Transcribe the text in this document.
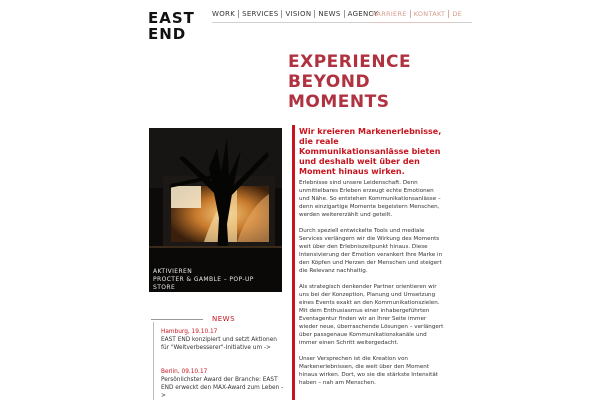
EAST
END
WORK	SERVICES	VISION	NEWS	AGENCY
KARRIERE	KONTAKT	DE
EXPERIENCE
BEYOND
MOMENTS
AKTIVIEREN
PROCTER & GAMBLE – POP-UP
STORE
Wir kreieren Markenerlebnisse, die reale Kommunikationsanlässe bieten und deshalb weit über den Moment hinaus wirken.

Erlebnisse sind unsere Leidenschaft. Denn unmittelbares Erleben erzeugt echte Emotionen und Nähe. So entstehen Kommunikationsanlässe – denn einzigartige Momente begeistern Menschen, werden weitererzählt und geteilt.

Durch speziell entwickelte Tools und mediale Services verlängern wir die Wirkung des Moments weit über den Erlebniszeitpunkt hinaus. Diese Intensivierung der Emotion verankert Ihre Marke in den Köpfen und Herzen der Menschen und steigert die Relevanz nachhaltig.

Als strategisch denkender Partner orientieren wir uns bei der Konzeption, Planung und Umsetzung eines Events exakt an den Kommunikationszielen. Mit dem Enthusiasmus einer inhabergeführten Eventagentur finden wir an Ihrer Seite immer wieder neue, überraschende Lösungen – verlängert über passgenaue Kommunikationskanäle und immer einen Schritt weitergedacht.

Unser Versprechen ist die Kreation von Markenerlebnissen, die weit über den Moment hinaus wirken. Dort, wo sie die stärkste Intensität haben – nah am Menschen.

NEWS
Hamburg, 19.10.17
EAST END konzipiert und setzt Aktionen für "Weltverbesserer"-Initiative um ->
Berlin, 09.10.17
Persönlichster Award der Branche: EAST END erweckt den MAX-Award zum Leben ->
